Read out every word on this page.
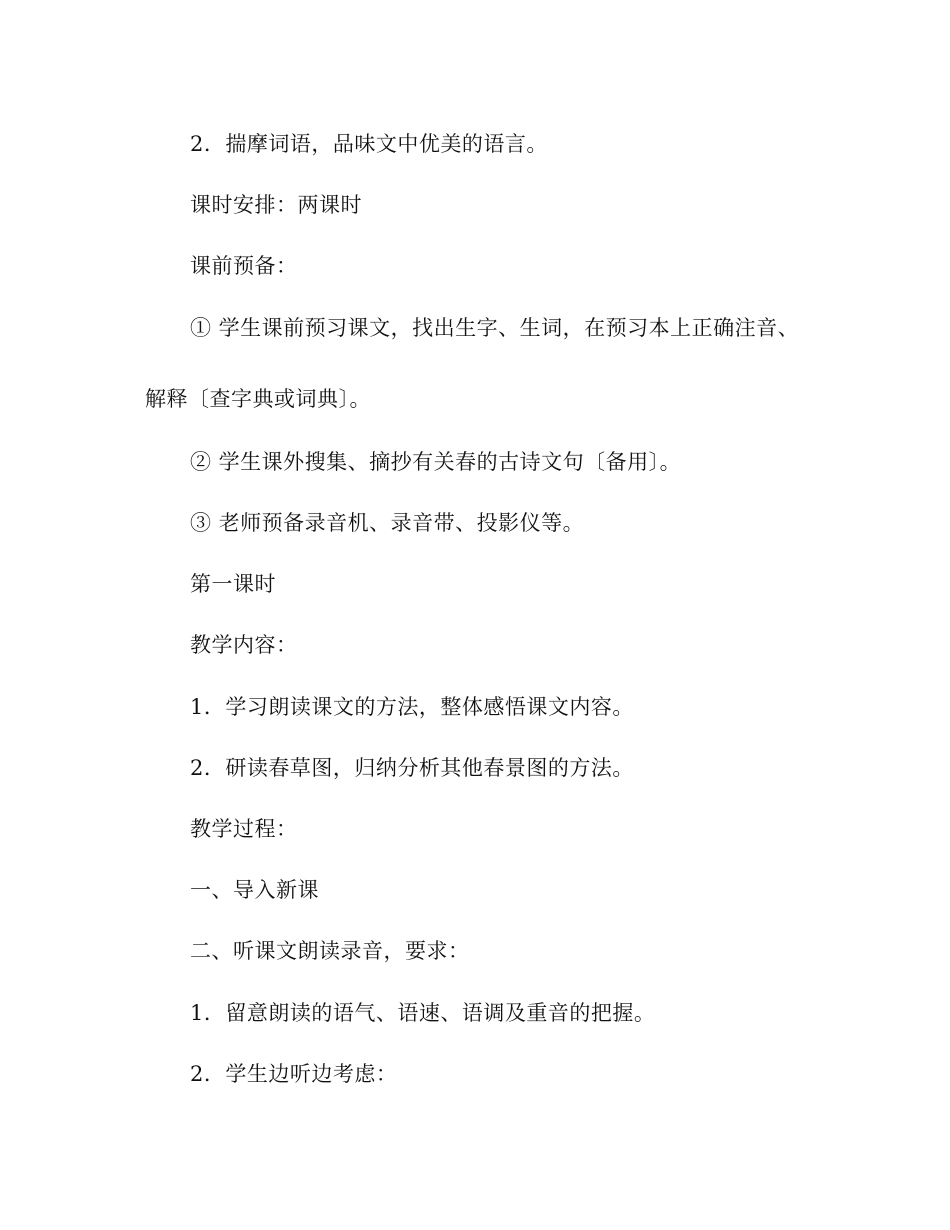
2．揣摩词语，品味文中优美的语言。
课时安排：两课时
课前预备：
① 学生课前预习课文，找出生字、生词，在预习本上正确注音、
解释〔查字典或词典〕。
② 学生课外搜集、摘抄有关春的古诗文句〔备用〕。
③ 老师预备录音机、录音带、投影仪等。
第一课时
教学内容：
1．学习朗读课文的方法，整体感悟课文内容。
2．研读春草图，归纳分析其他春景图的方法。
教学过程：
一、导入新课
二、听课文朗读录音，要求：
1．留意朗读的语气、语速、语调及重音的把握。
2．学生边听边考虑：
